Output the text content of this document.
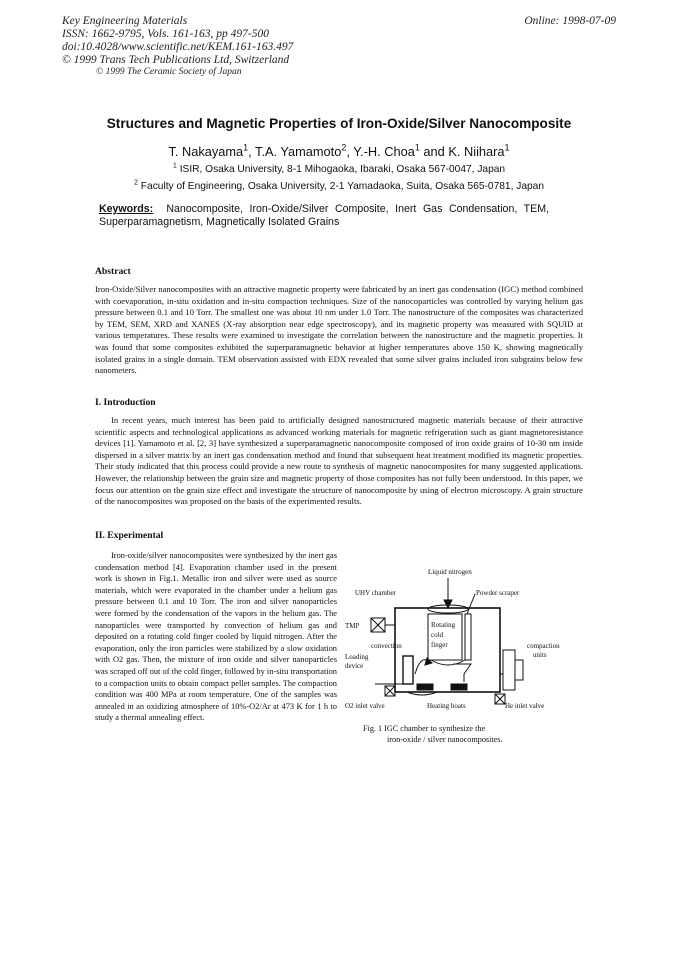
Key Engineering Materials
ISSN: 1662-9795, Vols. 161-163, pp 497-500
doi:10.4028/www.scientific.net/KEM.161-163.497
© 1999 Trans Tech Publications Ltd, Switzerland
© 1999 The Ceramic Society of Japan
Online: 1998-07-09
Structures and Magnetic Properties of Iron-Oxide/Silver Nanocomposite
T. Nakayama$^1$, T.A. Yamamoto$^2$, Y.-H. Choa$^1$ and K. Niihara$^1$
$^1$ ISIR, Osaka University, 8-1 Mihogaoka, Ibaraki, Osaka 567-0047, Japan
$^2$ Faculty of Engineering, Osaka University, 2-1 Yamadaoka, Suita, Osaka 565-0781, Japan
Keywords: Nanocomposite, Iron-Oxide/Silver Composite, Inert Gas Condensation, TEM, Superparamagnetism, Magnetically Isolated Grains
Abstract
Iron-Oxide/Silver nanocomposites with an attractive magnetic property were fabricated by an inert gas condensation (IGC) method combined with coevaporation, in-situ oxidation and in-situ compaction techniques. Size of the nanocoparticles was controlled by varying helium gas pressure between 0.1 and 10 Torr. The smallest one was about 10 nm under 1.0 Torr. The nanostructure of the composites was characterized by TEM, SEM, XRD and XANES (X-ray absorption near edge spectroscopy), and its magnetic property was measured with SQUID at various temperatures. These results were examined to investigate the correlation between the nanostructure and the magnetic properties. It was found that some composites exhibited the superparamagnetic behavior at higher temperatures above 150 K, showing magnetically isolated grains in a single domain. TEM observation assisted with EDX revealed that some silver grains included iron subgrains below few nanometers.
I. Introduction
In recent years, much interest has been paid to artificially designed nanostructured magnetic materials because of their attractive scientific aspects and technological applications as advanced working materials for magnetic refrigeration such as giant magnetoresistance devices [1]. Yamamoto et al. [2, 3] have synthesized a superparamagnetic nanocomposite composed of iron oxide grains of 10-30 nm inside dispersed in a silver matrix by an inert gas condensation method and found that subsequent heat treatment modified its magnetic properties. Their study indicated that this process could provide a new route to synthesis of magnetic nanocomposites for many suggested applications. However, the relationship between the grain size and magnetic property of those composites has not fully been understood. In this paper, we focus our attention on the grain size effect and investigate the structure of nanocomposite by using of electron microscopy. A grain structure of the nanocomposites was proposed on the basis of the experimented results.
II. Experimental
Iron-oxide/silver nanocomposites were synthesized by the inert gas condensation method [4]. Evaporation chamber used in the present work is shown in Fig.1. Metallic iron and silver were used as source materials, which were evaporated in the chamber under a helium gas pressure between 0.1 and 10 Torr. The iron and silver nanoparticles were formed by the condensation of the vapors in the helium gas. The nanoparticles were transported by convection of helium gas and deposited on a rotating cold finger cooled by liquid nitrogen. After the evaporation, only the iron particles were stabilized by a slow oxidation with O2 gas. Then, the mixture of iron oxide and silver nanoparticles was scraped off out of the cold finger, followed by in-situ transportation to a compaction units to obtain compact pellet samples. The compaction condition was 400 MPa at room temperature. One of the samples was annealed in an oxidizing atmosphere of 10%-O2/Ar at 473 K for 1 h to study a thermal annealing effect.
Liquid nitrogen
UHV chamber	Powder scraper
TMP	Rotating
cold
finger
convection
Loading
device
compaction
units
O2 inlet valve	Heating boats	He inlet valve
Fig. 1 IGC chamber to synthesize the
iron-oxide / silver nanocomposites.
